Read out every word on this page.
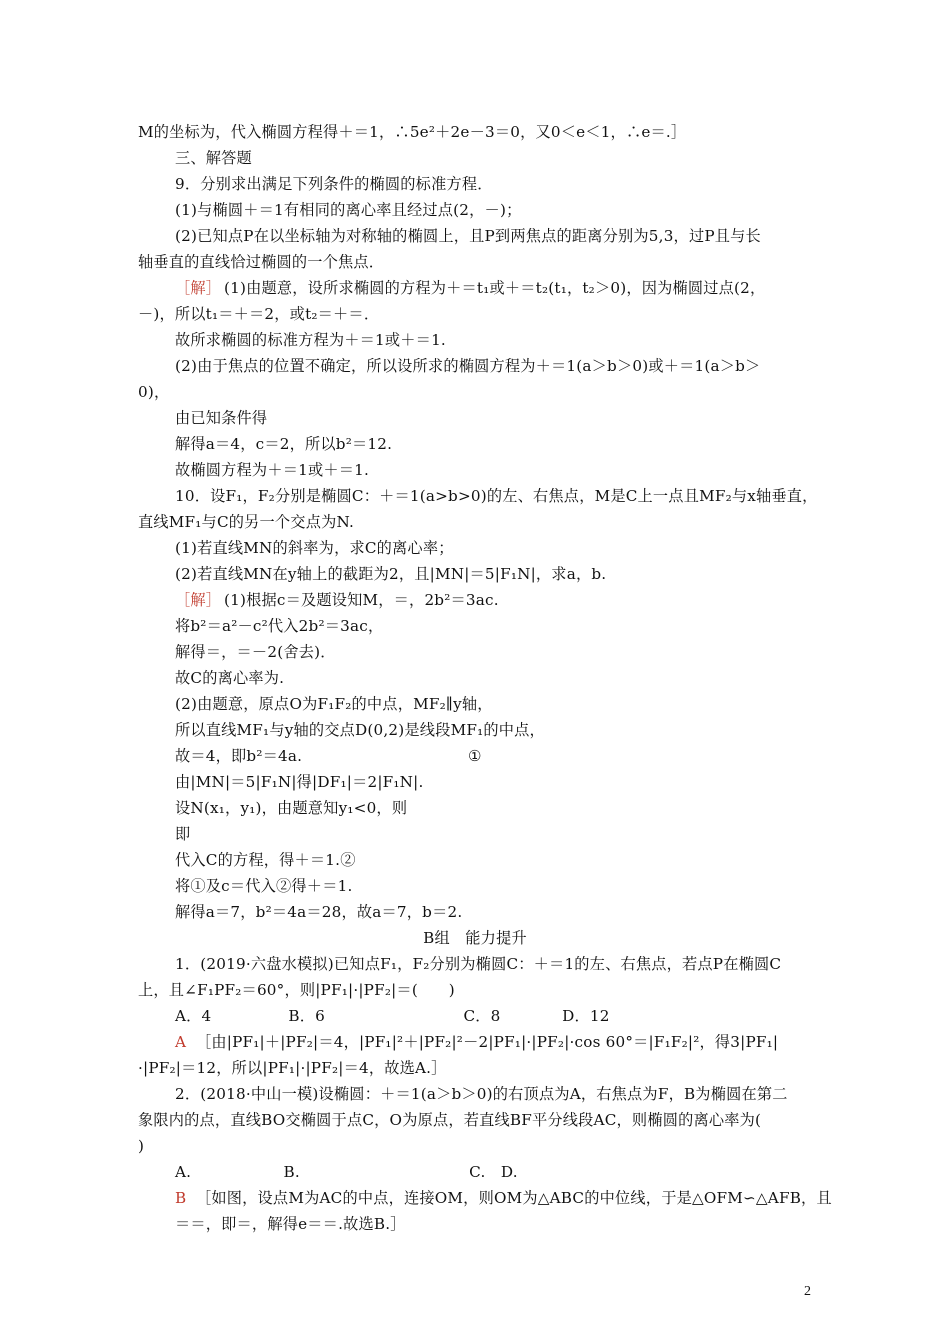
M的坐标为，代入椭圆方程得＋＝1，∴5e²＋2e－3＝0，又0＜e＜1，∴e＝.］
三、解答题
9．分别求出满足下列条件的椭圆的标准方程．
(1)与椭圆＋＝1有相同的离心率且经过点(2，－)；
(2)已知点P在以坐标轴为对称轴的椭圆上，且P到两焦点的距离分别为5,3，过P且与长
轴垂直的直线恰过椭圆的一个焦点．
［解］ (1)由题意，设所求椭圆的方程为＋＝t₁或＋＝t₂(t₁，t₂＞0)，因为椭圆过点(2，
－)，所以t₁＝＋＝2，或t₂＝＋＝．
故所求椭圆的标准方程为＋＝1或＋＝1.
(2)由于焦点的位置不确定，所以设所求的椭圆方程为＋＝1(a＞b＞0)或＋＝1(a＞b＞
0)，
由已知条件得
解得a＝4，c＝2，所以b²＝12.
故椭圆方程为＋＝1或＋＝1.
10．设F₁，F₂分别是椭圆C：＋＝1(a>b>0)的左、右焦点，M是C上一点且MF₂与x轴垂直，
直线MF₁与C的另一个交点为N.
(1)若直线MN的斜率为，求C的离心率；
(2)若直线MN在y轴上的截距为2，且|MN|＝5|F₁N|，求a，b.
［解］ (1)根据c＝及题设知M，＝，2b²＝3ac.
将b²＝a²－c²代入2b²＝3ac，
解得＝，＝－2(舍去)．
故C的离心率为.
(2)由题意，原点O为F₁F₂的中点，MF₂∥y轴，
所以直线MF₁与y轴的交点D(0,2)是线段MF₁的中点，
故＝4，即b²＝4a.	①
由|MN|＝5|F₁N|得|DF₁|＝2|F₁N|.
设N(x₁，y₁)，由题意知y₁<0，则
即
代入C的方程，得＋＝1.②
将①及c＝代入②得＋＝1.
解得a＝7，b²＝4a＝28，故a＝7，b＝2.
B组　能力提升
1．(2019·六盘水模拟)已知点F₁，F₂分别为椭圆C：＋＝1的左、右焦点，若点P在椭圆C
上，且∠F₁PF₂＝60°，则|PF₁|·|PF₂|＝(　　)
A．4　　　　　B．6　　　　　　　　　C．8　　　　D．12
A ［由|PF₁|＋|PF₂|＝4，|PF₁|²＋|PF₂|²－2|PF₁|·|PF₂|·cos 60°＝|F₁F₂|²，得3|PF₁|
·|PF₂|＝12，所以|PF₁|·|PF₂|＝4，故选A.］
2．(2018·中山一模)设椭圆：＋＝1(a＞b＞0)的右顶点为A，右焦点为F，B为椭圆在第二
象限内的点，直线BO交椭圆于点C，O为原点，若直线BF平分线段AC，则椭圆的离心率为(
)
A.　　　　　　B.　　　　　　　　　　　C.　D.
B ［如图，设点M为AC的中点，连接OM，则OM为△ABC的中位线，于是△OFM∽△AFB，且
＝＝，即＝，解得e＝＝.故选B.］
2
